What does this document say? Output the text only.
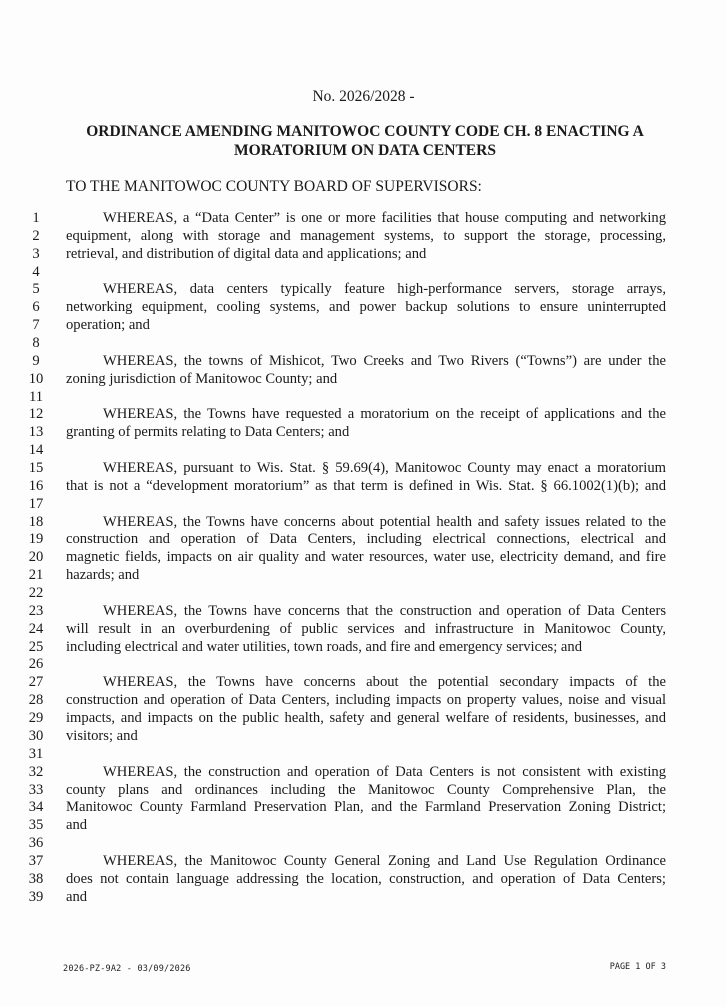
No. 2026/2028 -
ORDINANCE AMENDING MANITOWOC COUNTY CODE CH. 8 ENACTING A
MORATORIUM ON DATA CENTERS
TO THE MANITOWOC COUNTY BOARD OF SUPERVISORS:
1	WHEREAS, a “Data Center” is one or more facilities that house computing and networking
2	equipment, along with storage and management systems, to support the storage, processing,
3	retrieval, and distribution of digital data and applications; and
4
5	WHEREAS, data centers typically feature high-performance servers, storage arrays,
6	networking equipment, cooling systems, and power backup solutions to ensure uninterrupted
7	operation; and
8
9	WHEREAS, the towns of Mishicot, Two Creeks and Two Rivers (“Towns”) are under the
10	zoning jurisdiction of Manitowoc County; and
11
12	WHEREAS, the Towns have requested a moratorium on the receipt of applications and the
13	granting of permits relating to Data Centers; and
14
15	WHEREAS, pursuant to Wis. Stat. § 59.69(4), Manitowoc County may enact a moratorium
16	that is not a “development moratorium” as that term is defined in Wis. Stat. § 66.1002(1)(b); and
17
18	WHEREAS, the Towns have concerns about potential health and safety issues related to the
19	construction and operation of Data Centers, including electrical connections, electrical and
20	magnetic fields, impacts on air quality and water resources, water use, electricity demand, and fire
21	hazards; and
22
23	WHEREAS, the Towns have concerns that the construction and operation of Data Centers
24	will result in an overburdening of public services and infrastructure in Manitowoc County,
25	including electrical and water utilities, town roads, and fire and emergency services; and
26
27	WHEREAS, the Towns have concerns about the potential secondary impacts of the
28	construction and operation of Data Centers, including impacts on property values, noise and visual
29	impacts, and impacts on the public health, safety and general welfare of residents, businesses, and
30	visitors; and
31
32	WHEREAS, the construction and operation of Data Centers is not consistent with existing
33	county plans and ordinances including the Manitowoc County Comprehensive Plan, the
34	Manitowoc County Farmland Preservation Plan, and the Farmland Preservation Zoning District;
35	and
36
37	WHEREAS, the Manitowoc County General Zoning and Land Use Regulation Ordinance
38	does not contain language addressing the location, construction, and operation of Data Centers;
39	and
2026-PZ-9A2 - 03/09/2026	PAGE 1 OF 3
